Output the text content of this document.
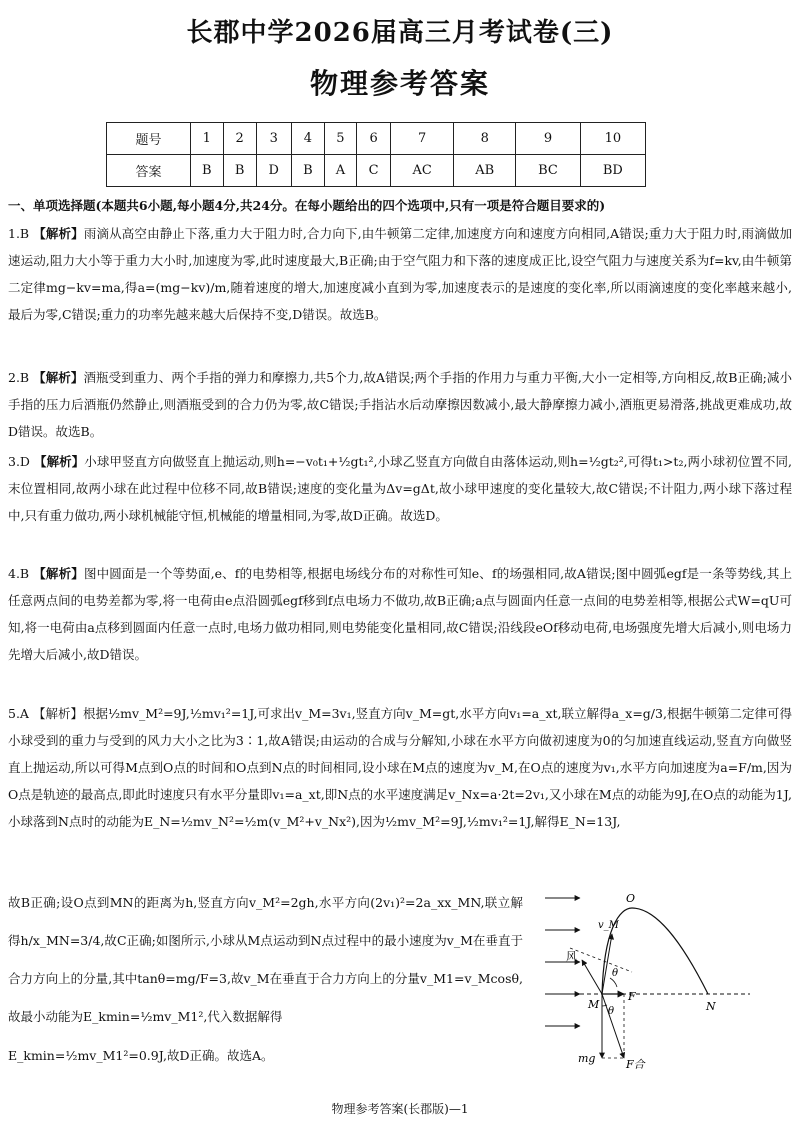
长郡中学2026届高三月考试卷(三)
物理参考答案
题号	1	2	3	4	5	6	7	8	9	10
答案	B	B	D	B	A	C	AC	AB	BC	BD
一、单项选择题(本题共6小题,每小题4分,共24分。在每小题给出的四个选项中,只有一项是符合题目要求的)
1.B 【解析】雨滴从高空由静止下落,重力大于阻力时,合力向下,由牛顿第二定律,加速度方向和速度方向相同,A错误;重力大于阻力时,雨滴做加速运动,阻力大小等于重力大小时,加速度为零,此时速度最大,B正确;由于空气阻力和下落的速度成正比,设空气阻力与速度关系为f=kv,由牛顿第二定律mg−kv=ma,得a=(mg−kv)/m,随着速度的增大,加速度减小直到为零,加速度表示的是速度的变化率,所以雨滴速度的变化率越来越小,最后为零,C错误;重力的功率先越来越大后保持不变,D错误。故选B。
2.B 【解析】酒瓶受到重力、两个手指的弹力和摩擦力,共5个力,故A错误;两个手指的作用力与重力平衡,大小一定相等,方向相反,故B正确;减小手指的压力后酒瓶仍然静止,则酒瓶受到的合力仍为零,故C错误;手指沾水后动摩擦因数减小,最大静摩擦力减小,酒瓶更易滑落,挑战更难成功,故D错误。故选B。
3.D 【解析】小球甲竖直方向做竖直上抛运动,则h=−v₀t₁+½gt₁²,小球乙竖直方向做自由落体运动,则h=½gt₂²,可得t₁>t₂,两小球初位置不同,末位置相同,故两小球在此过程中位移不同,故B错误;速度的变化量为Δv=gΔt,故小球甲速度的变化量较大,故C错误;不计阻力,两小球下落过程中,只有重力做功,两小球机械能守恒,机械能的增量相同,为零,故D正确。故选D。
4.B 【解析】图中圆面是一个等势面,e、f的电势相等,根据电场线分布的对称性可知e、f的场强相同,故A错误;图中圆弧egf是一条等势线,其上任意两点间的电势差都为零,将一电荷由e点沿圆弧egf移到f点电场力不做功,故B正确;a点与圆面内任意一点间的电势差相等,根据公式W=qU可知,将一电荷由a点移到圆面内任意一点时,电场力做功相同,则电势能变化量相同,故C错误;沿线段eOf移动电荷,电场强度先增大后减小,则电场力先增大后减小,故D错误。
5.A 【解析】根据½mv_M²=9J,½mv₁²=1J,可求出v_M=3v₁,竖直方向v_M=gt,水平方向v₁=a_xt,联立解得a_x=g/3,根据牛顿第二定律可得小球受到的重力与受到的风力大小之比为3∶1,故A错误;由运动的合成与分解知,小球在水平方向做初速度为0的匀加速直线运动,竖直方向做竖直上抛运动,所以可得M点到O点的时间和O点到N点的时间相同,设小球在M点的速度为v_M,在O点的速度为v₁,水平方向加速度为a=F/m,因为O点是轨迹的最高点,即此时速度只有水平分量即v₁=a_xt,即N点的水平速度满足v_Nx=a·2t=2v₁,又小球在M点的动能为9J,在O点的动能为1J,小球落到N点时的动能为E_N=½mv_N²=½m(v_M²+v_Nx²),因为½mv_M²=9J,½mv₁²=1J,解得E_N=13J,
故B正确;设O点到MN的距离为h,竖直方向v_M²=2gh,水平方向(2v₁)²=2a_xx_MN,联立解得h/x_MN=3/4,故C正确;如图所示,小球从M点运动到N点过程中的最小速度为v_M在垂直于合力方向上的分量,其中tanθ=mg/F=3,故v_M在垂直于合力方向上的分量v_M1=v_Mcosθ,故最小动能为E_kmin=½mv_M1²,代入数据解得
E_kmin=½mv_M1²=0.9J,故D正确。故选A。
v_M
O
风
θ
M
θ
F
N
mg	F合
物理参考答案(长郡版)—1
